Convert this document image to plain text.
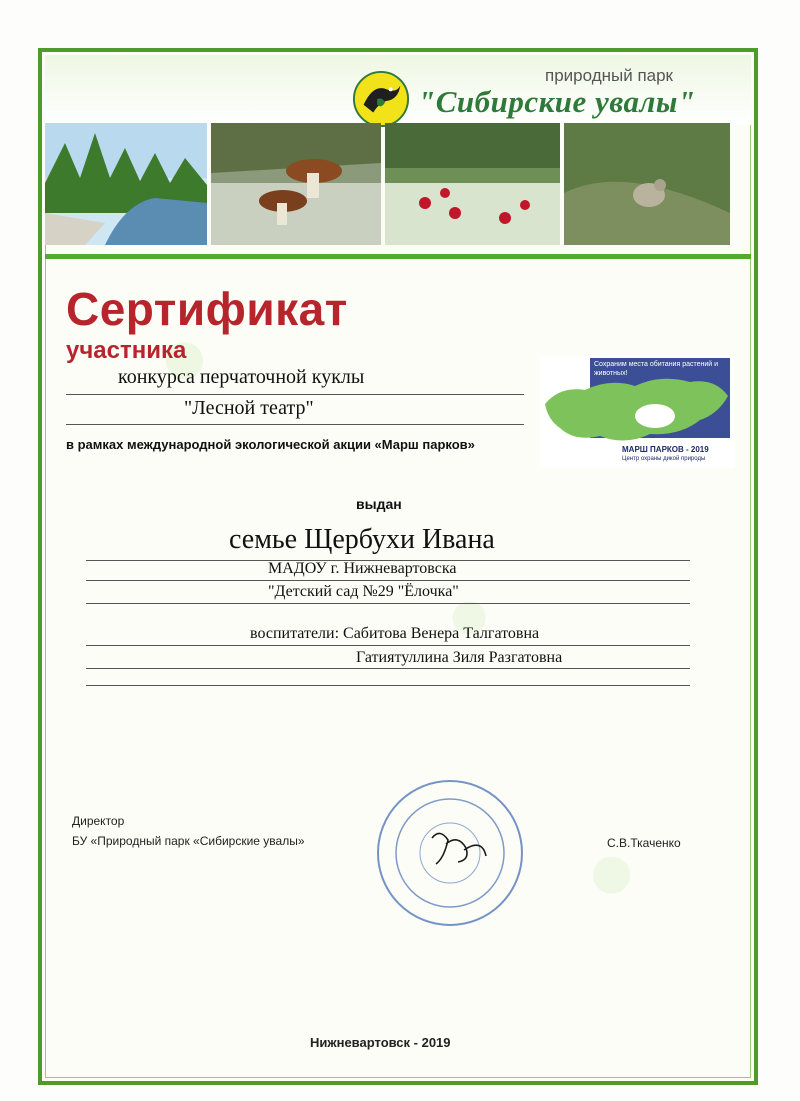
природный парк
"Сибирские увалы"
Сертификат
участника
конкурса перчаточной куклы
"Лесной театр"
в рамках международной экологической акции «Марш парков»
Сохраним места обитания растений и животных!
МАРШ ПАРКОВ - 2019
Центр охраны дикой природы
выдан
семье Щербухи Ивана
МАДОУ г. Нижневартовска
"Детский сад №29 "Ёлочка"
воспитатели: Сабитова Венера Талгатовна
Гатиятуллина Зиля Разгатовна
Директор
БУ «Природный парк «Сибирские увалы»	С.В.Ткаченко
Нижневартовск - 2019
